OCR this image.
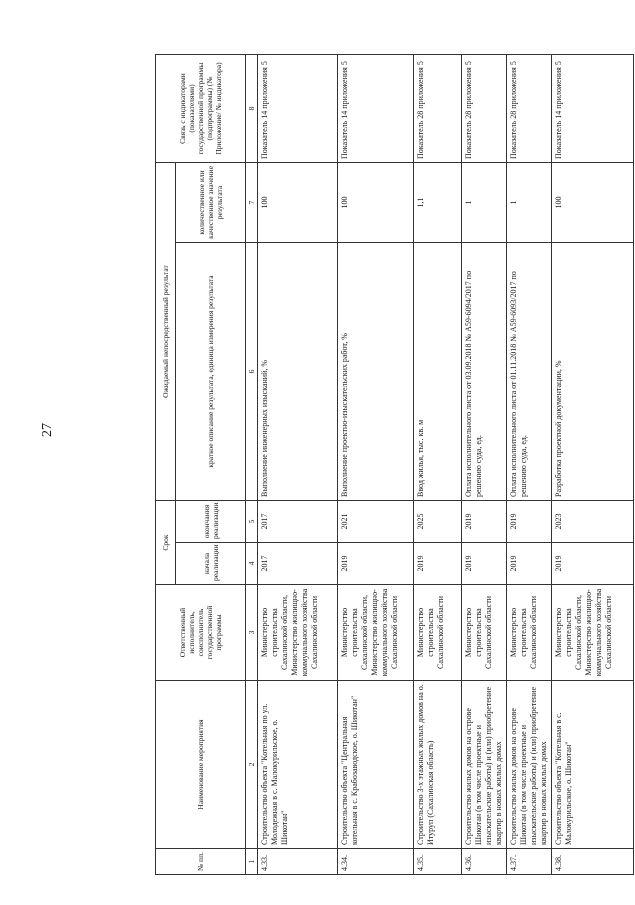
27
№ пп.	Наименование мероприятия	Ответственный исполнитель, соисполнитель государственной программы	Срок		Ожидаемый непосредственный результат		Связь с индикаторами (показателями) государственной программы (подпрограммы) (№ Приложение/ № индикатора)
			начала реализации	окончания реализации	краткое описание результата, единица измерения результата	количественное или качественное значение результата	
1	2	3	4	5	6	7	8
4.33.	Строительство объекта "Котельная по ул. Молодежная в с. Малокурильское, о. Шикотан"	Министерство строительства Сахалинской области, Министерство жилищно-коммунального хозяйства Сахалинской области	2017	2017	Выполнение инженерных изысканий, %	100	Показатель 14 приложения 5
4.34.	Строительство объекта "Центральная котельная в с. Крабозаводское, о. Шикотан"	Министерство строительства Сахалинской области, Министерство жилищно-коммунального хозяйства Сахалинской области	2019	2021	Выполнение проектно-изыскательских работ, %	100	Показатель 14 приложения 5
4.35.	Строительство 3-х этажных жилых домов на о. Итуруп (Сахалинская область)	Министерство строительства Сахалинской области	2019	2025	Ввод жилья, тыс. кв. м	1,1	Показатель 28 приложения 5
4.36.	Строительство жилых домов на острове Шикотан (в том числе проектные и изыскательские работы) и (или) приобретение квартир в новых жилых домах	Министерство строительства Сахалинской области	2019	2019	Оплата исполнительного листа от 03.09.2018 № А59-6094/2017 по решению суда, ед.	1	Показатель 28 приложения 5
4.37.	Строительство жилых домов на острове Шикотан (в том числе проектные и изыскательские работы) и (или) приобретение квартир в новых жилых домах	Министерство строительства Сахалинской области	2019	2019	Оплата исполнительного листа от 01.11.2018 № А59-6093/2017 по решению суда, ед.	1	Показатель 28 приложения 5
4.38.	Строительство объекта "Котельная в с. Малокурильское, о. Шикотан"	Министерство строительства Сахалинской области, Министерство жилищно-коммунального хозяйства Сахалинской области	2019	2023	Разработка проектной документации, %	100	Показатель 14 приложения 5
